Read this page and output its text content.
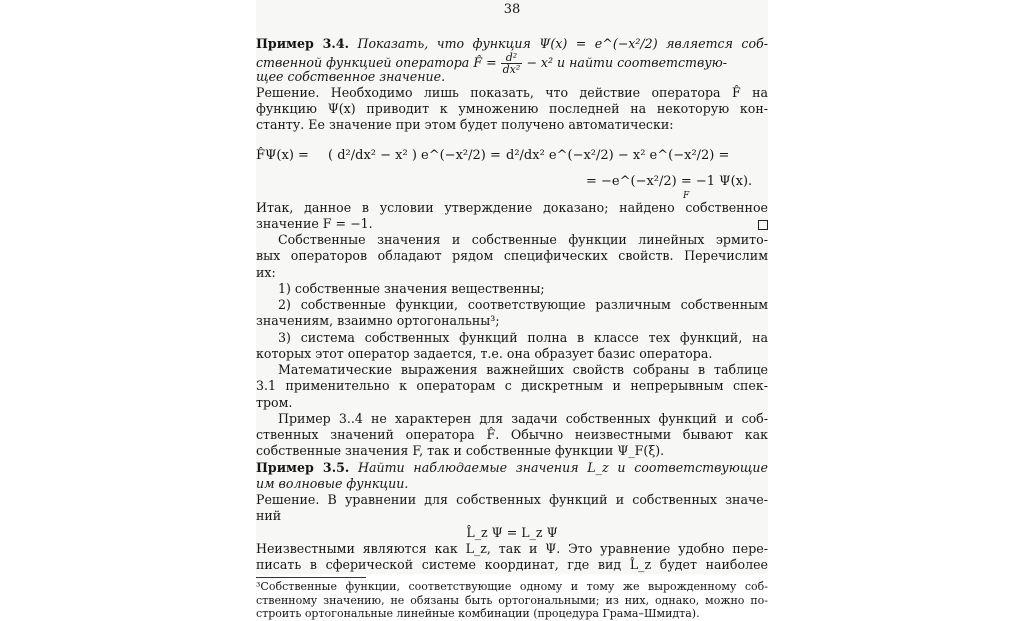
38
Пример 3.4. Показать, что функция Ψ(x) = e^(−x²/2) является соб-
ственной функцией оператора F̂ = $\frac{\text{d²}}{\text{dx²}} - x^2$ и найти соответствую-
щее собственное значение.
Решение. Необходимо лишь показать, что действие оператора F̂ на
функцию Ψ(x) приводит к умножению последней на некоторую кон-
станту. Ее значение при этом будет получено автоматически:
F̂Ψ(x) = ( d²/dx² − x² ) e^(−x²/2) = d²/dx² e^(−x²/2) − x² e^(−x²/2) =
= −e^(−x²/2) = −1 Ψ(x).
F
Итак, данное в условии утверждение доказано; найдено собственное
значение F = −1.
Собственные значения и собственные функции линейных эрмито-
вых операторов обладают рядом специфических свойств. Перечислим
их:
1) собственные значения вещественны;
2) собственные функции, соответствующие различным собственным
значениям, взаимно ортогональны³;
3) система собственных функций полна в классе тех функций, на
которых этот оператор задается, т.е. она образует базис оператора.
Математические выражения важнейших свойств собраны в таблице
3.1 применительно к операторам с дискретным и непрерывным спек-
тром.
Пример 3..4 не характерен для задачи собственных функций и соб-
ственных значений оператора F̂. Обычно неизвестными бывают как
собственные значения F, так и собственные функции Ψ_F(ξ).
Пример 3.5. Найти наблюдаемые значения L_z и соответствующие
им волновые функции.
Решение. В уравнении для собственных функций и собственных значе-
ний
L̂_z Ψ = L_z Ψ
Неизвестными являются как L_z, так и Ψ. Это уравнение удобно пере-
писать в сферической системе координат, где вид L̂_z будет наиболее
³Собственные функции, соответствующие одному и тому же вырожденному соб-
ственному значению, не обязаны быть ортогональными; из них, однако, можно по-
строить ортогональные линейные комбинации (процедура Грама–Шмидта).
